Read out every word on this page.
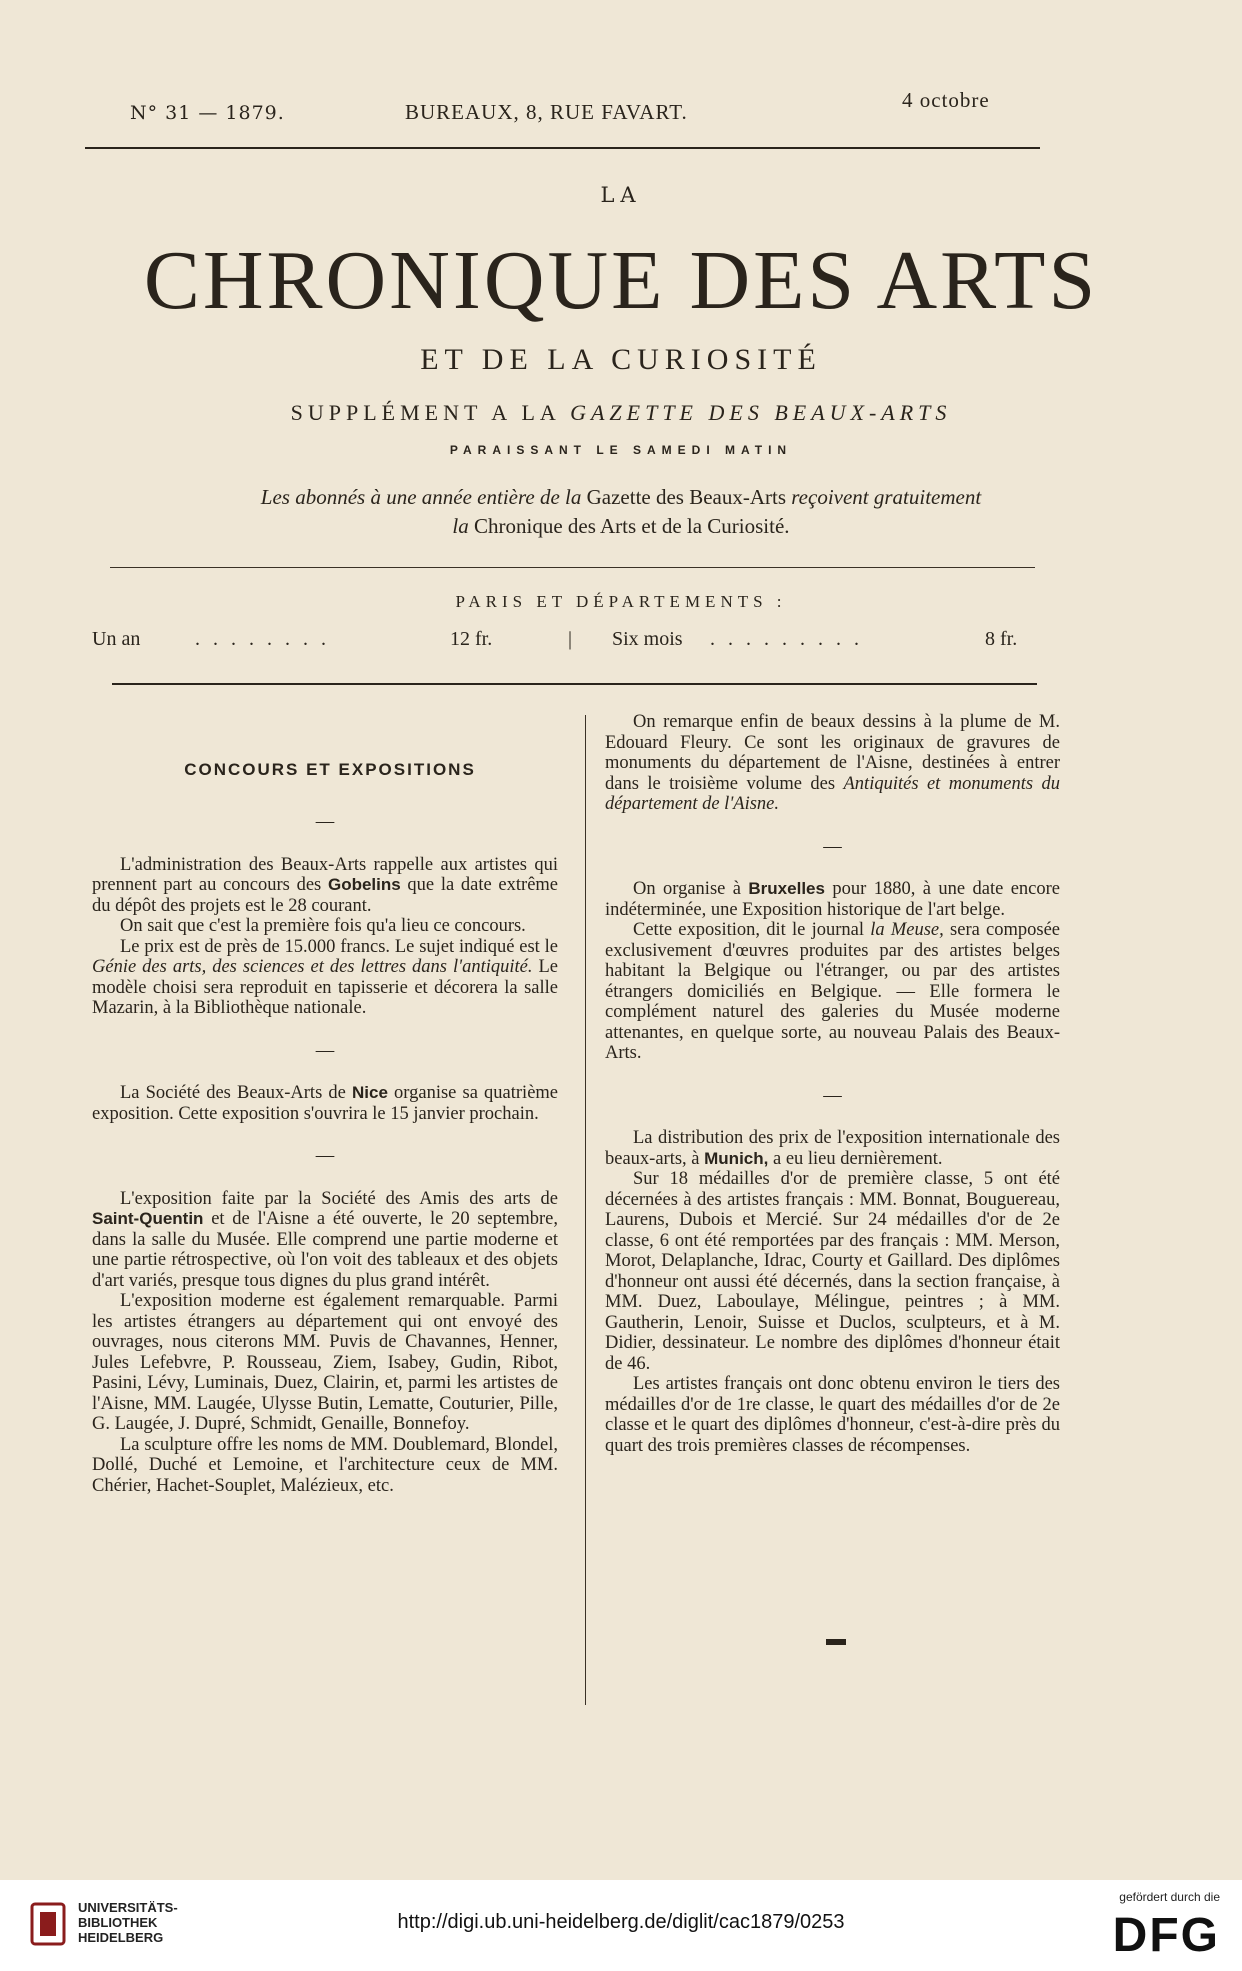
N° 31 — 1879.	BUREAUX, 8, RUE FAVART.	4 octobre
LA
CHRONIQUE DES ARTS
ET DE LA CURIOSITÉ
SUPPLÉMENT A LA GAZETTE DES BEAUX-ARTS
PARAISSANT LE SAMEDI MATIN
Les abonnés à une année entière de la Gazette des Beaux-Arts reçoivent gratuitement
la Chronique des Arts et de la Curiosité.
PARIS ET DÉPARTEMENTS :
Un an	. . . . . . . .	12 fr.	| Six mois . . . . . . . . .	8 fr.
CONCOURS ET EXPOSITIONS

—

L'administration des Beaux-Arts rappelle aux artistes qui prennent part au concours des Gobelins que la date extrême du dépôt des projets est le 28 courant.

On sait que c'est la première fois qu'a lieu ce concours.

Le prix est de près de 15.000 francs. Le sujet indiqué est le Génie des arts, des sciences et des lettres dans l'antiquité. Le modèle choisi sera reproduit en tapisserie et décorera la salle Mazarin, à la Bibliothèque nationale.

—

La Société des Beaux-Arts de Nice organise sa quatrième exposition. Cette exposition s'ouvrira le 15 janvier prochain.

—

L'exposition faite par la Société des Amis des arts de Saint-Quentin et de l'Aisne a été ouverte, le 20 septembre, dans la salle du Musée. Elle comprend une partie moderne et une partie rétrospective, où l'on voit des tableaux et des objets d'art variés, presque tous dignes du plus grand intérêt.

L'exposition moderne est également remarquable. Parmi les artistes étrangers au département qui ont envoyé des ouvrages, nous citerons MM. Puvis de Chavannes, Henner, Jules Lefebvre, P. Rousseau, Ziem, Isabey, Gudin, Ribot, Pasini, Lévy, Luminais, Duez, Clairin, et, parmi les artistes de l'Aisne, MM. Laugée, Ulysse Butin, Lematte, Couturier, Pille, G. Laugée, J. Dupré, Schmidt, Genaille, Bonnefoy.

La sculpture offre les noms de MM. Doublemard, Blondel, Dollé, Duché et Lemoine, et l'architecture ceux de MM. Chérier, Hachet-Souplet, Malézieux, etc.

On remarque enfin de beaux dessins à la plume de M. Edouard Fleury. Ce sont les originaux de gravures de monuments du département de l'Aisne, destinées à entrer dans le troisième volume des Antiquités et monuments du département de l'Aisne.

—

On organise à Bruxelles pour 1880, à une date encore indéterminée, une Exposition historique de l'art belge.

Cette exposition, dit le journal la Meuse, sera composée exclusivement d'œuvres produites par des artistes belges habitant la Belgique ou l'étranger, ou par des artistes étrangers domiciliés en Belgique. — Elle formera le complément naturel des galeries du Musée moderne attenantes, en quelque sorte, au nouveau Palais des Beaux-Arts.

—

La distribution des prix de l'exposition internationale des beaux-arts, à Munich, a eu lieu dernièrement.

Sur 18 médailles d'or de première classe, 5 ont été décernées à des artistes français : MM. Bonnat, Bouguereau, Laurens, Dubois et Mercié. Sur 24 médailles d'or de 2e classe, 6 ont été remportées par des français : MM. Merson, Morot, Delaplanche, Idrac, Courty et Gaillard. Des diplômes d'honneur ont aussi été décernés, dans la section française, à MM. Duez, Laboulaye, Mélingue, peintres ; à MM. Gautherin, Lenoir, Suisse et Duclos, sculpteurs, et à M. Didier, dessinateur. Le nombre des diplômes d'honneur était de 46.

Les artistes français ont donc obtenu environ le tiers des médailles d'or de 1re classe, le quart des médailles d'or de 2e classe et le quart des diplômes d'honneur, c'est-à-dire près du quart des trois premières classes de récompenses.

UNIVERSITÄTS-
BIBLIOTHEK
HEIDELBERG
http://digi.ub.uni-heidelberg.de/diglit/cac1879/0253
gefördert durch die
DFG
